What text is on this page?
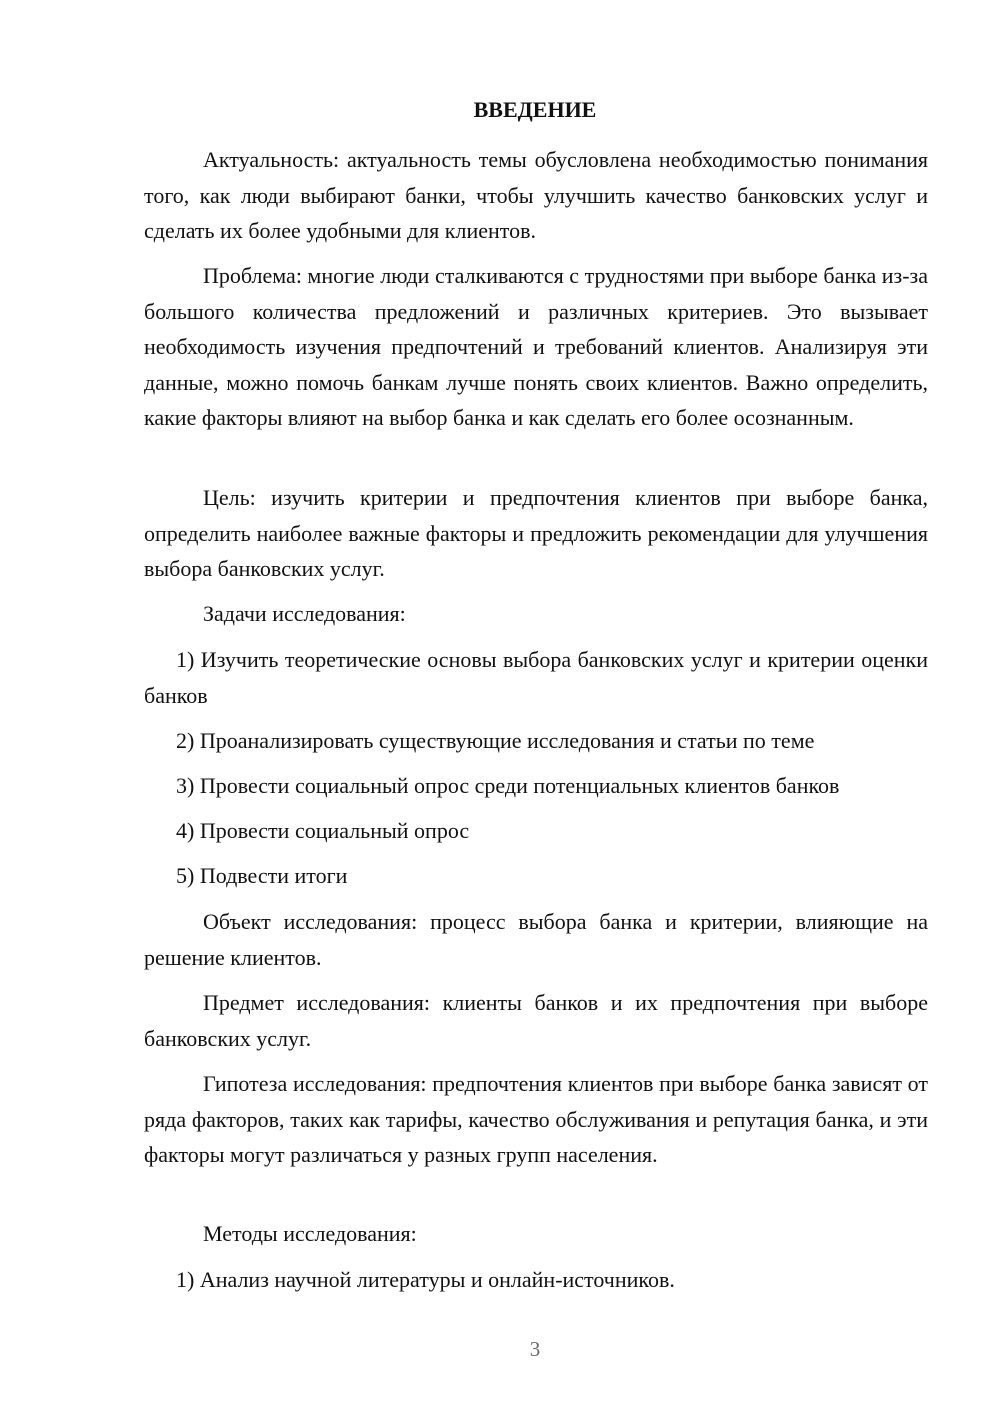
ВВЕДЕНИЕ

Актуальность: актуальность темы обусловлена необходимостью понимания того, как люди выбирают банки, чтобы улучшить качество банковских услуг и сделать их более удобными для клиентов.

Проблема: многие люди сталкиваются с трудностями при выборе банка из-за большого количества предложений и различных критериев. Это вызывает необходимость изучения предпочтений и требований клиентов. Анализируя эти данные, можно помочь банкам лучше понять своих клиентов. Важно определить, какие факторы влияют на выбор банка и как сделать его более осознанным.

Цель: изучить критерии и предпочтения клиентов при выборе банка, определить наиболее важные факторы и предложить рекомендации для улучшения выбора банковских услуг.

Задачи исследования:

1) Изучить теоретические основы выбора банковских услуг и критерии оценки банков

2) Проанализировать существующие исследования и статьи по теме

3) Провести социальный опрос среди потенциальных клиентов банков

4) Провести социальный опрос

5) Подвести итоги

Объект исследования: процесс выбора банка и критерии, влияющие на решение клиентов.

Предмет исследования: клиенты банков и их предпочтения при выборе банковских услуг.

Гипотеза исследования: предпочтения клиентов при выборе банка зависят от ряда факторов, таких как тарифы, качество обслуживания и репутация банка, и эти факторы могут различаться у разных групп населения.

Методы исследования:

1) Анализ научной литературы и онлайн-источников.

3
